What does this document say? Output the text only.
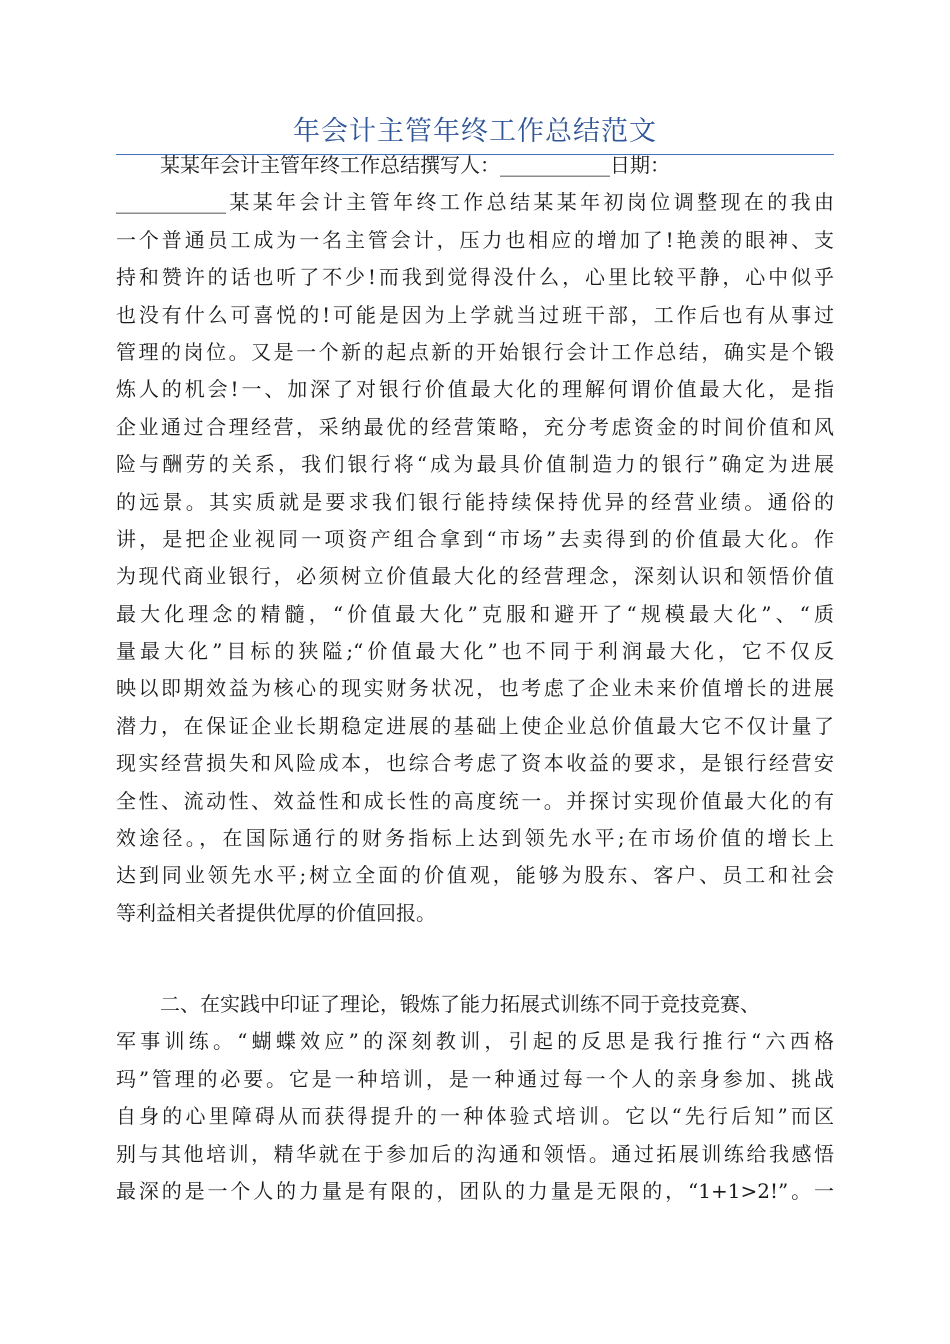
年会计主管年终工作总结范文
某某年会计主管年终工作总结撰写人：___________日期：
___________某某年会计主管年终工作总结某某年初岗位调整现在的我由
一个普通员工成为一名主管会计，压力也相应的增加了!艳羡的眼神、支
持和赞许的话也听了不少!而我到觉得没什么，心里比较平静，心中似乎
也没有什么可喜悦的!可能是因为上学就当过班干部，工作后也有从事过
管理的岗位。又是一个新的起点新的开始银行会计工作总结，确实是个锻
炼人的机会!一、加深了对银行价值最大化的理解何谓价值最大化，是指
企业通过合理经营，采纳最优的经营策略，充分考虑资金的时间价值和风
险与酬劳的关系，我们银行将“成为最具价值制造力的银行”确定为进展
的远景。其实质就是要求我们银行能持续保持优异的经营业绩。通俗的
讲，是把企业视同一项资产组合拿到“市场”去卖得到的价值最大化。作
为现代商业银行，必须树立价值最大化的经营理念，深刻认识和领悟价值
最大化理念的精髓，“价值最大化”克服和避开了“规模最大化”、“质
量最大化”目标的狭隘;“价值最大化”也不同于利润最大化，它不仅反
映以即期效益为核心的现实财务状况，也考虑了企业未来价值增长的进展
潜力，在保证企业长期稳定进展的基础上使企业总价值最大它不仅计量了
现实经营损失和风险成本，也综合考虑了资本收益的要求，是银行经营安
全性、流动性、效益性和成长性的高度统一。并探讨实现价值最大化的有
效途径。，在国际通行的财务指标上达到领先水平;在市场价值的增长上
达到同业领先水平;树立全面的价值观，能够为股东、客户、员工和社会
等利益相关者提供优厚的价值回报。
二、在实践中印证了理论，锻炼了能力拓展式训练不同于竞技竞赛、
军事训练。“蝴蝶效应”的深刻教训，引起的反思是我行推行“六西格
玛”管理的必要。它是一种培训，是一种通过每一个人的亲身参加、挑战
自身的心里障碍从而获得提升的一种体验式培训。它以“先行后知”而区
别与其他培训，精华就在于参加后的沟通和领悟。通过拓展训练给我感悟
最深的是一个人的力量是有限的，团队的力量是无限的，“1+1>2!”。一
